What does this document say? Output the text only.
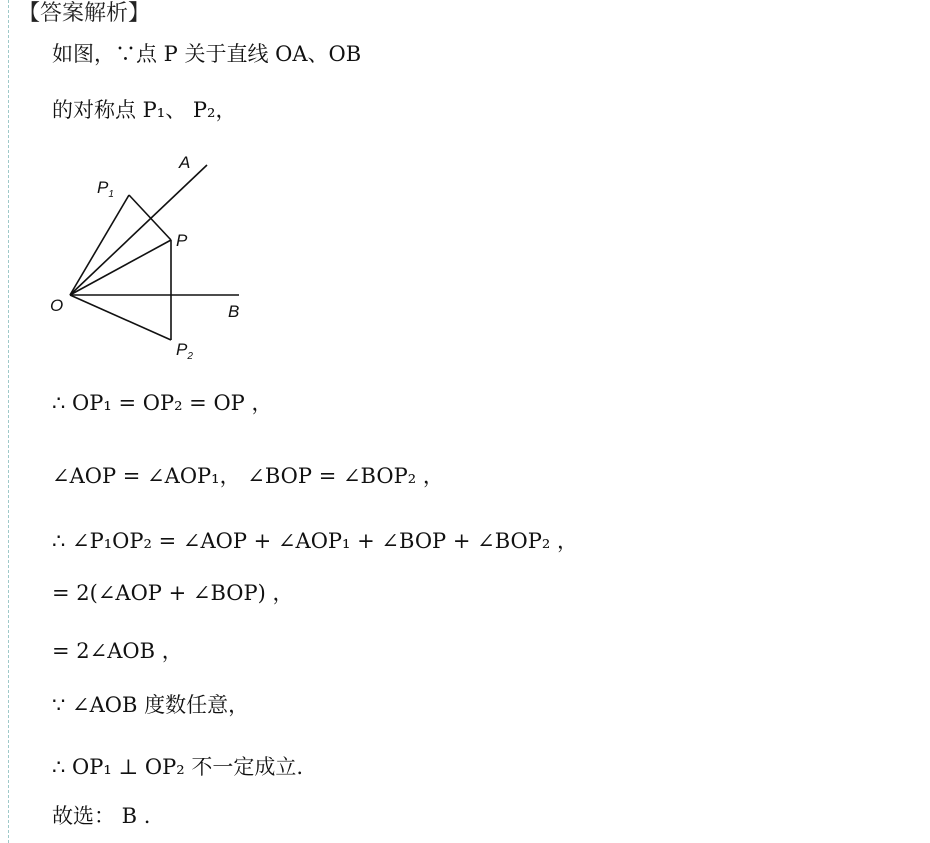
【答案解析】
如图，∵点 P 关于直线 OA、OB
的对称点 P₁、 P₂，
A
$P_1$
P
O	B
$P_2$
∴ OP₁ = OP₂ = OP ，
∠AOP = ∠AOP₁， ∠BOP = ∠BOP₂ ，
∴ ∠P₁OP₂ = ∠AOP + ∠AOP₁ + ∠BOP + ∠BOP₂ ，
= 2(∠AOP + ∠BOP) ，
= 2∠AOB ，
∵ ∠AOB 度数任意，
∴ OP₁ ⊥ OP₂ 不一定成立.
故选： B .
